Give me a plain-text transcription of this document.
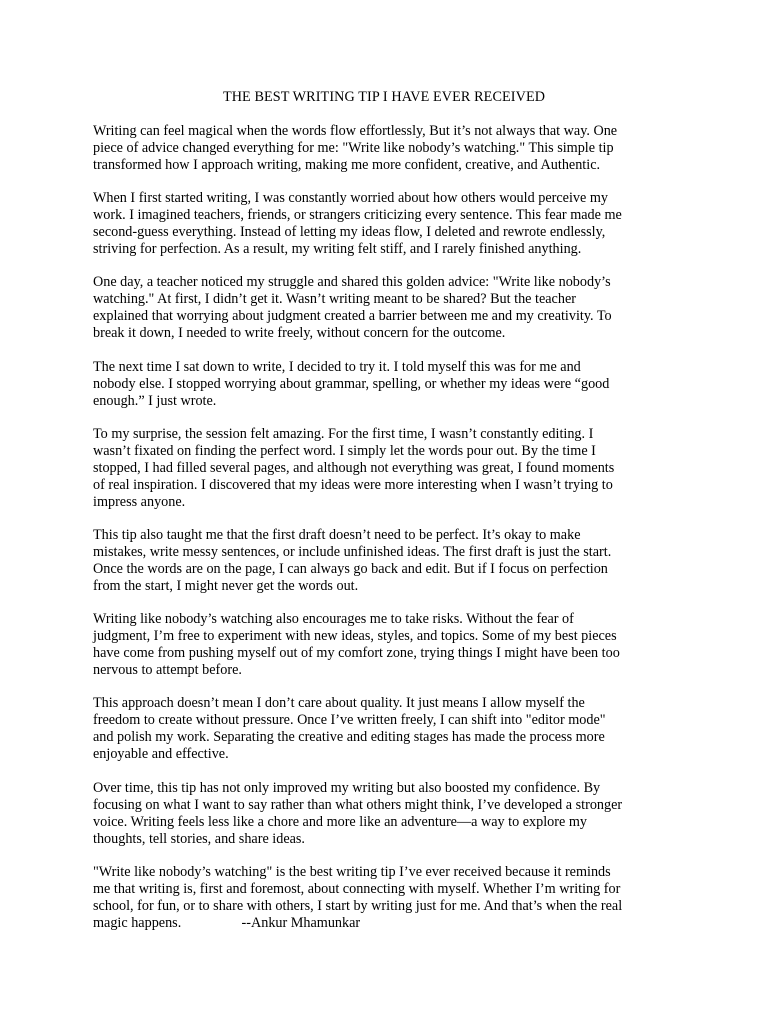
THE BEST WRITING TIP I HAVE EVER RECEIVED

Writing can feel magical when the words flow effortlessly, But it’s not always that way. One
piece of advice changed everything for me: "Write like nobody’s watching." This simple tip
transformed how I approach writing, making me more confident, creative, and Authentic.

When I first started writing, I was constantly worried about how others would perceive my
work. I imagined teachers, friends, or strangers criticizing every sentence. This fear made me
second-guess everything. Instead of letting my ideas flow, I deleted and rewrote endlessly,
striving for perfection. As a result, my writing felt stiff, and I rarely finished anything.

One day, a teacher noticed my struggle and shared this golden advice: "Write like nobody’s
watching." At first, I didn’t get it. Wasn’t writing meant to be shared? But the teacher
explained that worrying about judgment created a barrier between me and my creativity. To
break it down, I needed to write freely, without concern for the outcome.

The next time I sat down to write, I decided to try it. I told myself this was for me and
nobody else. I stopped worrying about grammar, spelling, or whether my ideas were “good
enough.” I just wrote.

To my surprise, the session felt amazing. For the first time, I wasn’t constantly editing. I
wasn’t fixated on finding the perfect word. I simply let the words pour out. By the time I
stopped, I had filled several pages, and although not everything was great, I found moments
of real inspiration. I discovered that my ideas were more interesting when I wasn’t trying to
impress anyone.

This tip also taught me that the first draft doesn’t need to be perfect. It’s okay to make
mistakes, write messy sentences, or include unfinished ideas. The first draft is just the start.
Once the words are on the page, I can always go back and edit. But if I focus on perfection
from the start, I might never get the words out.

Writing like nobody’s watching also encourages me to take risks. Without the fear of
judgment, I’m free to experiment with new ideas, styles, and topics. Some of my best pieces
have come from pushing myself out of my comfort zone, trying things I might have been too
nervous to attempt before.

This approach doesn’t mean I don’t care about quality. It just means I allow myself the
freedom to create without pressure. Once I’ve written freely, I can shift into "editor mode"
and polish my work. Separating the creative and editing stages has made the process more
enjoyable and effective.

Over time, this tip has not only improved my writing but also boosted my confidence. By
focusing on what I want to say rather than what others might think, I’ve developed a stronger
voice. Writing feels less like a chore and more like an adventure—a way to explore my
thoughts, tell stories, and share ideas.

"Write like nobody’s watching" is the best writing tip I’ve ever received because it reminds
me that writing is, first and foremost, about connecting with myself. Whether I’m writing for
school, for fun, or to share with others, I start by writing just for me. And that’s when the real
magic happens.	--Ankur Mhamunkar
